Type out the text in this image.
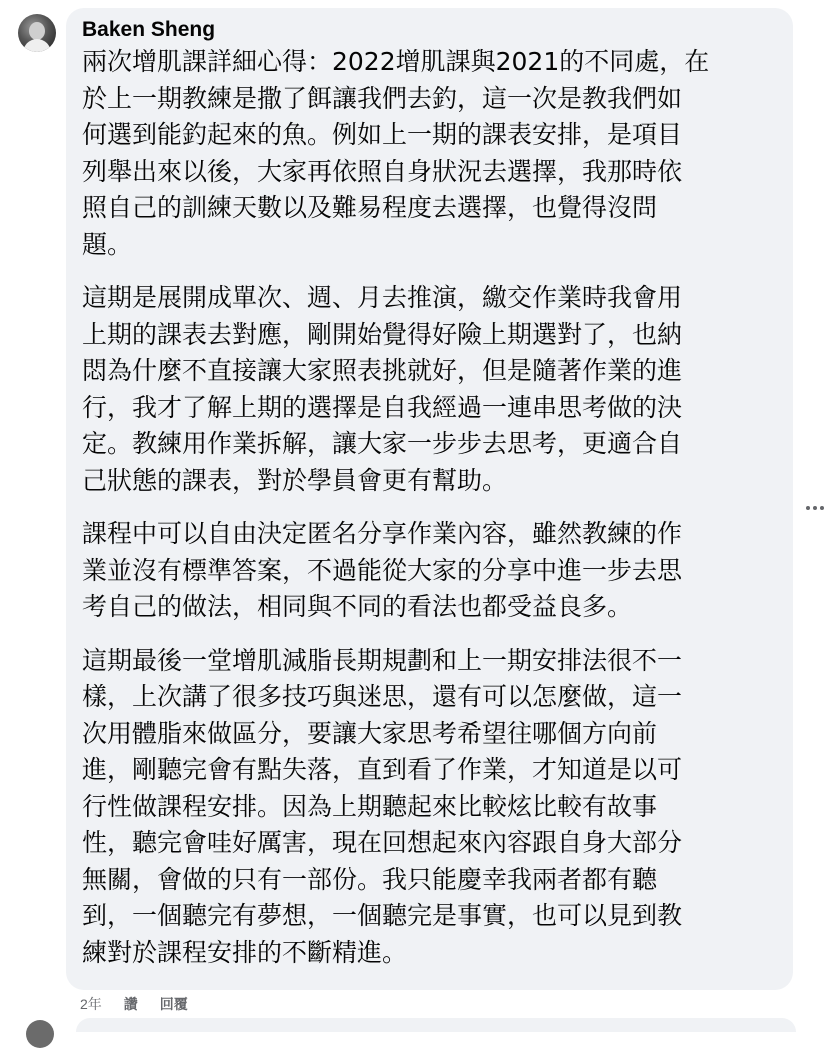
Baken Sheng

兩次增肌課詳細心得：2022增肌課與2021的不同處，在
於上一期教練是撒了餌讓我們去釣，這一次是教我們如
何選到能釣起來的魚。例如上一期的課表安排，是項目
列舉出來以後，大家再依照自身狀況去選擇，我那時依
照自己的訓練天數以及難易程度去選擇，也覺得沒問
題。

這期是展開成單次、週、月去推演，繳交作業時我會用
上期的課表去對應，剛開始覺得好險上期選對了，也納
悶為什麼不直接讓大家照表挑就好，但是隨著作業的進
行，我才了解上期的選擇是自我經過一連串思考做的決
定。教練用作業拆解，讓大家一步步去思考，更適合自
己狀態的課表，對於學員會更有幫助。

課程中可以自由決定匿名分享作業內容，雖然教練的作
業並沒有標準答案，不過能從大家的分享中進一步去思
考自己的做法，相同與不同的看法也都受益良多。

這期最後一堂增肌減脂長期規劃和上一期安排法很不一
樣，上次講了很多技巧與迷思，還有可以怎麼做，這一
次用體脂來做區分，要讓大家思考希望往哪個方向前
進，剛聽完會有點失落，直到看了作業，才知道是以可
行性做課程安排。因為上期聽起來比較炫比較有故事
性，聽完會哇好厲害，現在回想起來內容跟自身大部分
無關，會做的只有一部份。我只能慶幸我兩者都有聽
到，一個聽完有夢想，一個聽完是事實，也可以見到教
練對於課程安排的不斷精進。

2年 讚 回覆
